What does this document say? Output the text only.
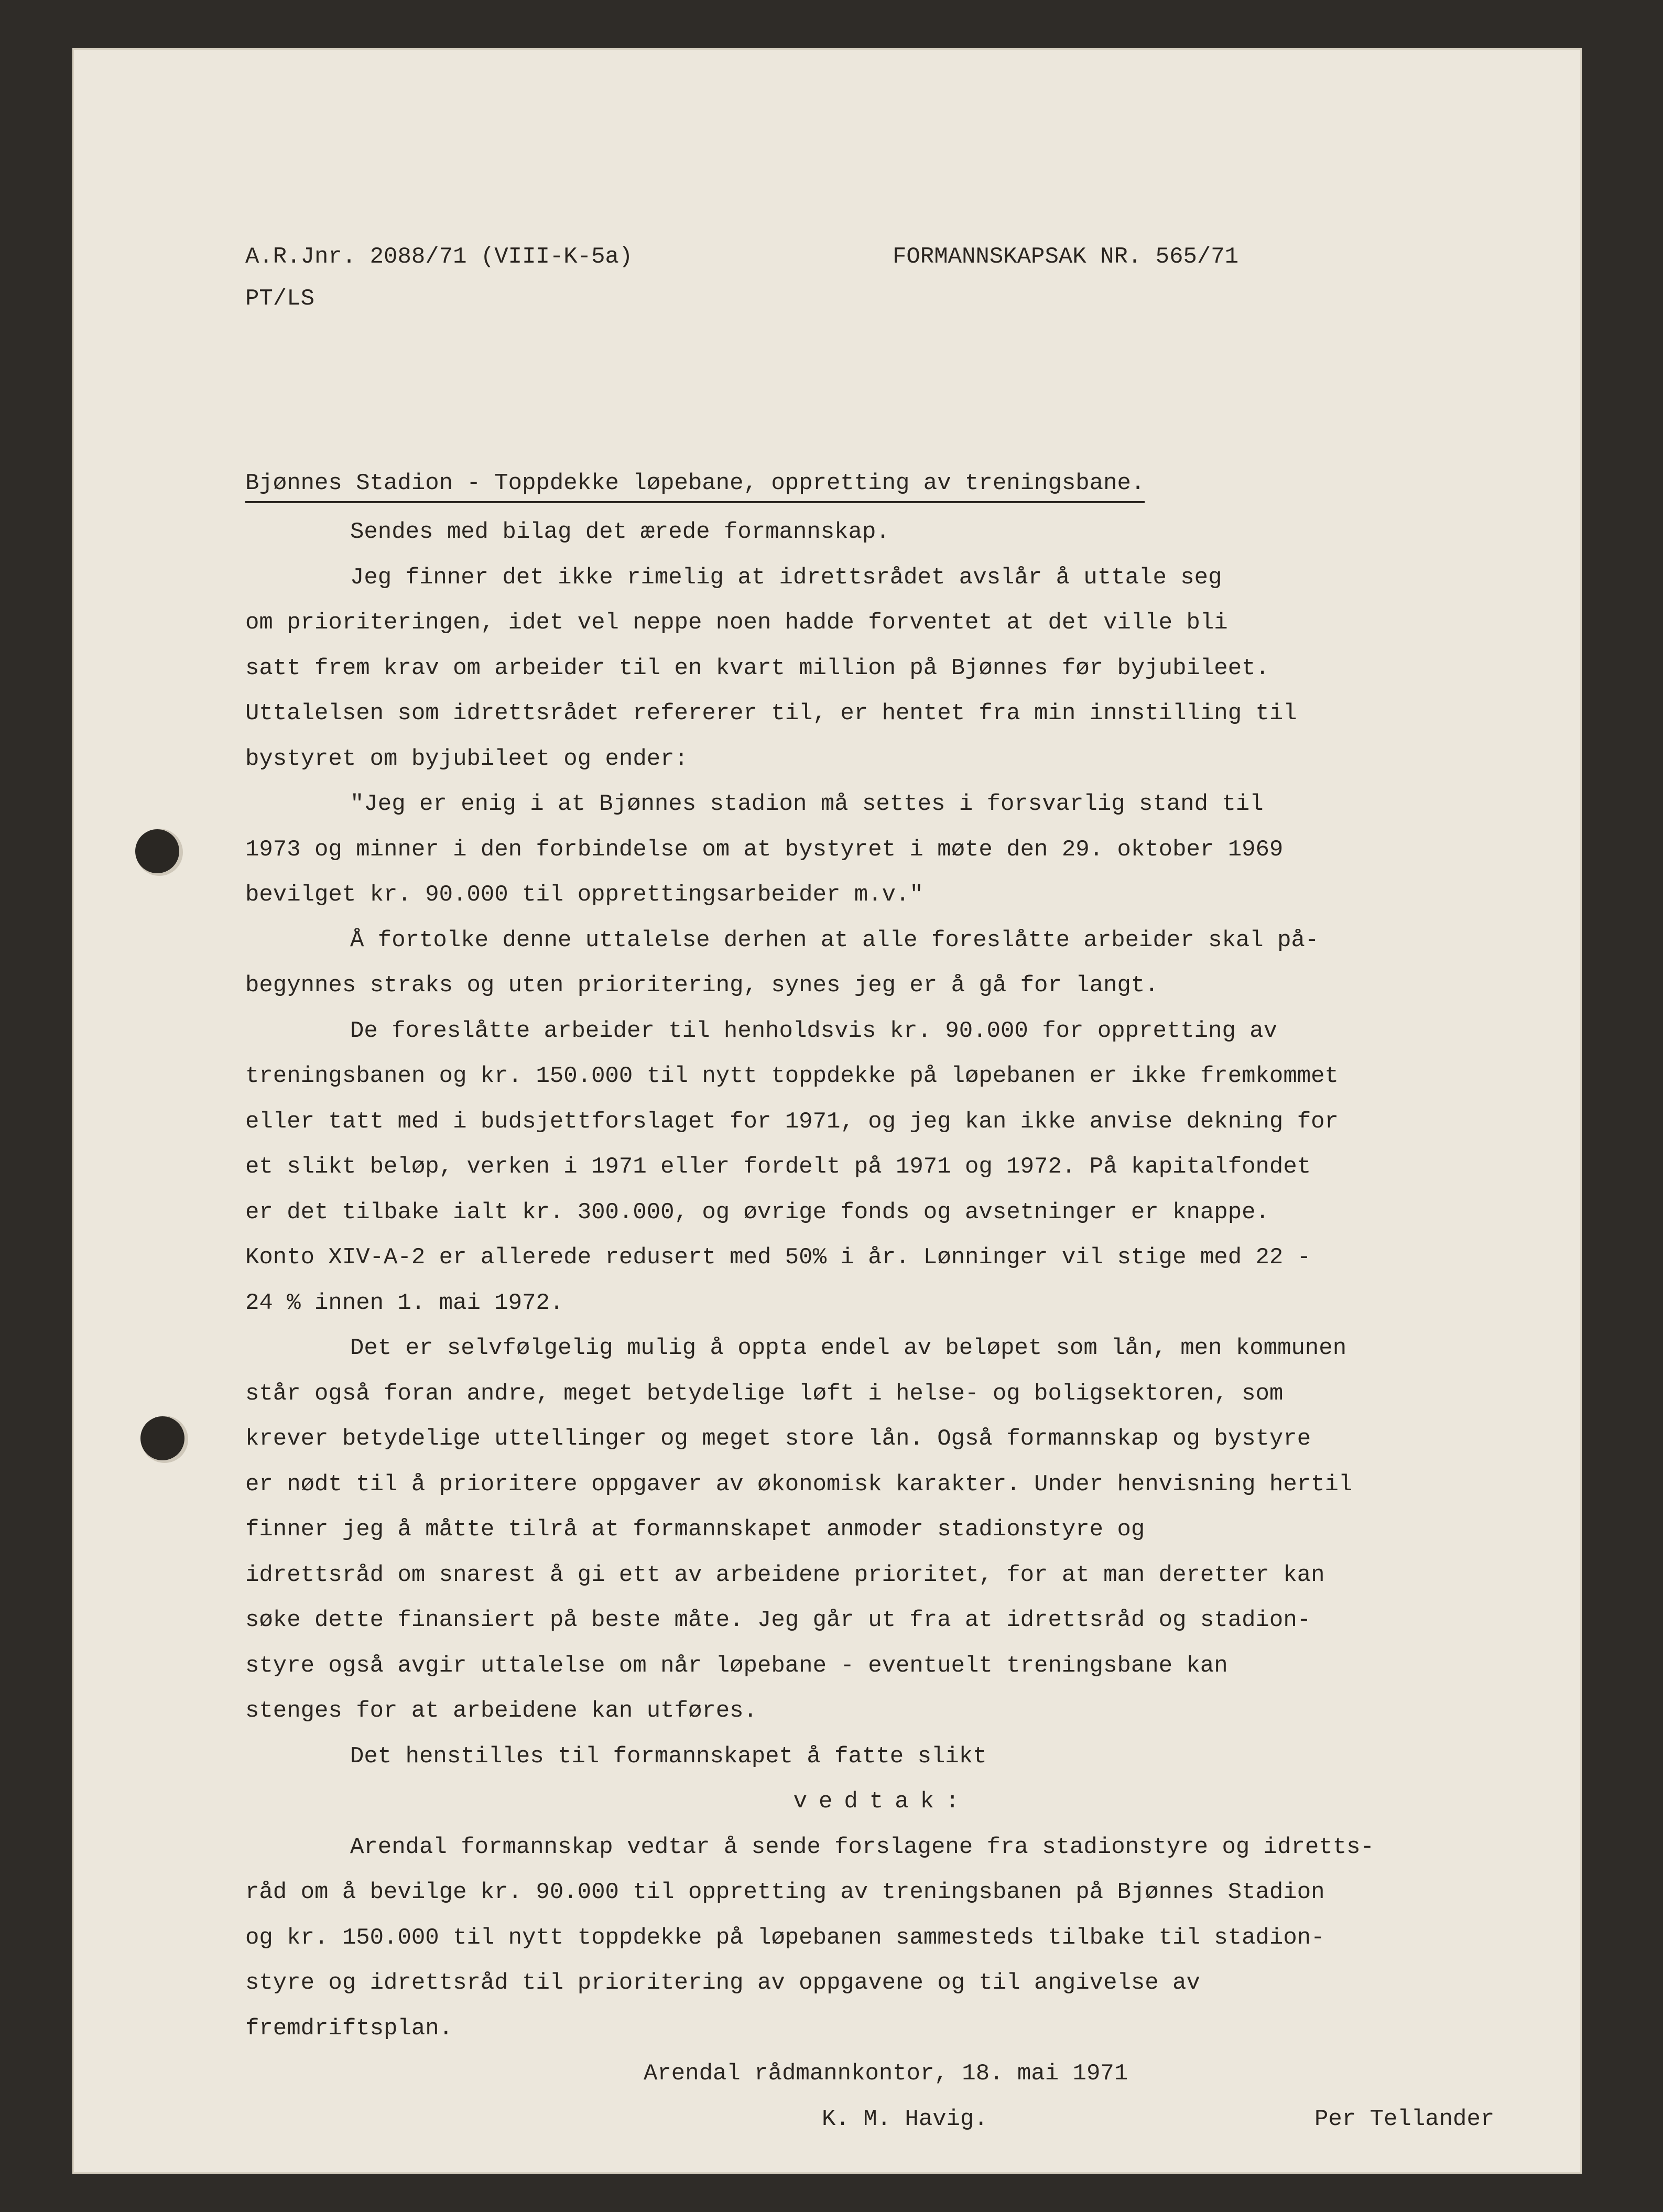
A.R.Jnr. 2088/71 (VIII-K-5a)	FORMANNSKAPSAK NR. 565/71
PT/LS
Bjønnes Stadion - Toppdekke løpebane, oppretting av treningsbane.
Sendes med bilag det ærede formannskap.
Jeg finner det ikke rimelig at idrettsrådet avslår å uttale seg
om prioriteringen, idet vel neppe noen hadde forventet at det ville bli
satt frem krav om arbeider til en kvart million på Bjønnes før byjubileet.
Uttalelsen som idrettsrådet refererer til, er hentet fra min innstilling til
bystyret om byjubileet og ender:
"Jeg er enig i at Bjønnes stadion må settes i forsvarlig stand til
1973 og minner i den forbindelse om at bystyret i møte den 29. oktober 1969
bevilget kr. 90.000 til opprettingsarbeider m.v."
Å fortolke denne uttalelse derhen at alle foreslåtte arbeider skal på-
begynnes straks og uten prioritering, synes jeg er å gå for langt.
De foreslåtte arbeider til henholdsvis kr. 90.000 for oppretting av
treningsbanen og kr. 150.000 til nytt toppdekke på løpebanen er ikke fremkommet
eller tatt med i budsjettforslaget for 1971, og jeg kan ikke anvise dekning for
et slikt beløp, verken i 1971 eller fordelt på 1971 og 1972. På kapitalfondet
er det tilbake ialt kr. 300.000, og øvrige fonds og avsetninger er knappe.
Konto XIV-A-2 er allerede redusert med 50% i år. Lønninger vil stige med 22 -
24 % innen 1. mai 1972.
Det er selvfølgelig mulig å oppta endel av beløpet som lån, men kommunen
står også foran andre, meget betydelige løft i helse- og boligsektoren, som
krever betydelige uttellinger og meget store lån. Også formannskap og bystyre
er nødt til å prioritere oppgaver av økonomisk karakter. Under henvisning hertil
finner jeg å måtte tilrå at formannskapet anmoder stadionstyre og
idrettsråd om snarest å gi ett av arbeidene prioritet, for at man deretter kan
søke dette finansiert på beste måte. Jeg går ut fra at idrettsråd og stadion-
styre også avgir uttalelse om når løpebane - eventuelt treningsbane kan
stenges for at arbeidene kan utføres.
Det henstilles til formannskapet å fatte slikt
vedtak:
Arendal formannskap vedtar å sende forslagene fra stadionstyre og idretts-
råd om å bevilge kr. 90.000 til oppretting av treningsbanen på Bjønnes Stadion
og kr. 150.000 til nytt toppdekke på løpebanen sammesteds tilbake til stadion-
styre og idrettsråd til prioritering av oppgavene og til angivelse av
fremdriftsplan.
Arendal rådmannkontor, 18. mai 1971
K. M. Havig.	Per Tellander
